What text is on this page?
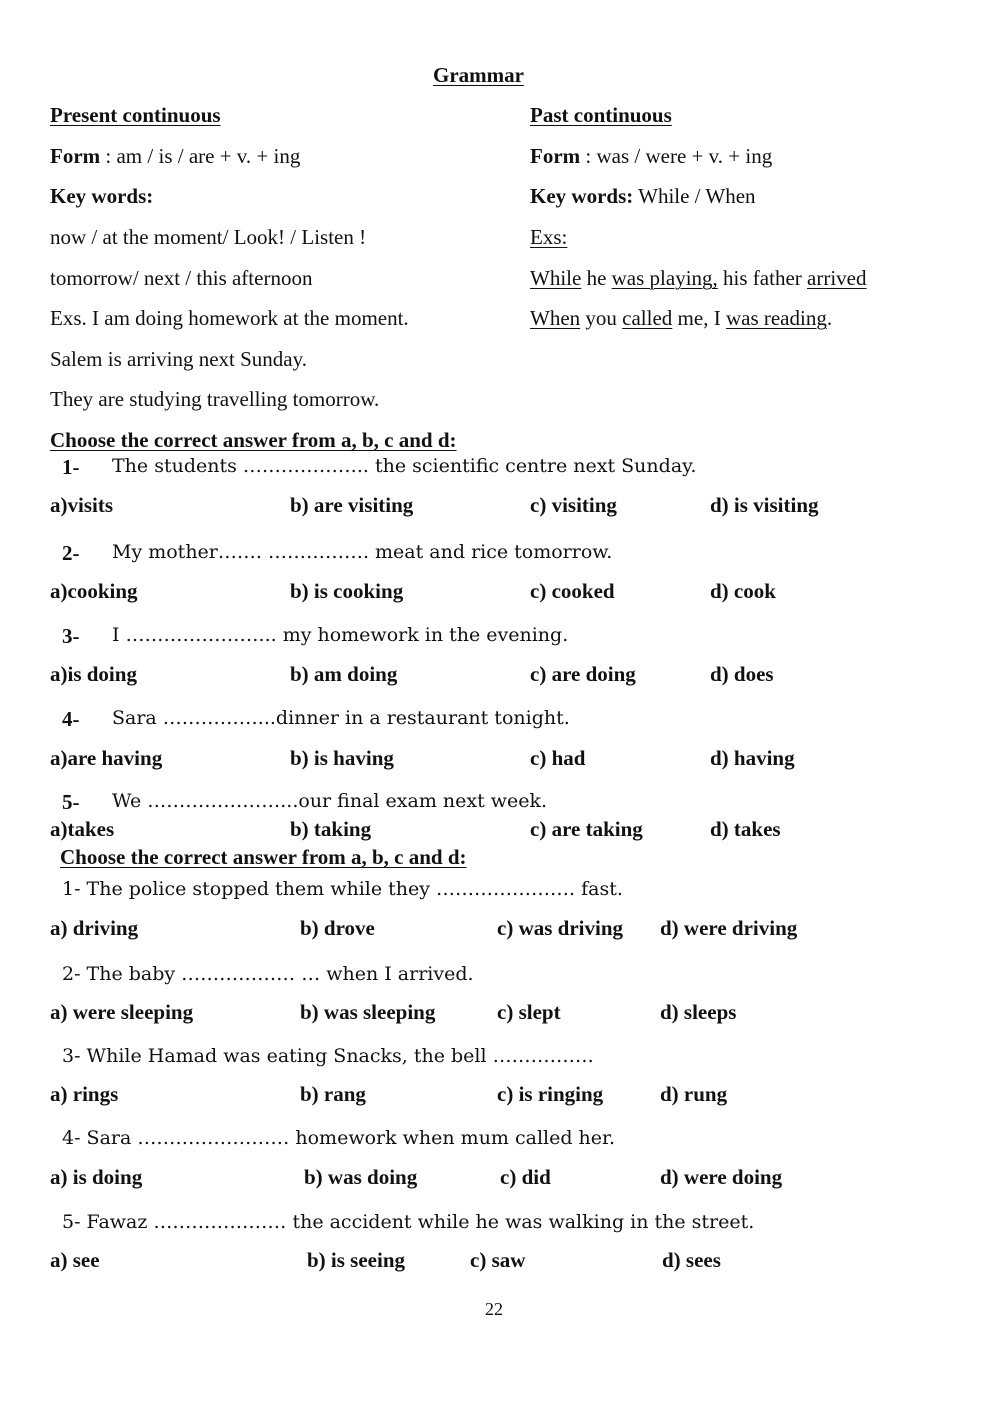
Grammar
Present continuous
Form : am / is / are + v. + ing
Key words:
now / at the moment/ Look! / Listen !
tomorrow/ next / this afternoon
Exs. I am doing homework at the moment.
Salem is arriving next Sunday.
They are studying travelling tomorrow.
Past continuous
Form : was / were + v. + ing
Key words: While / When
Exs:
While he was playing, his father arrived
When you called me, I was reading.
Choose the correct answer from a, b, c and d:
1- The students ……………….. the scientific centre next Sunday.
a)visits	b) are visiting	c) visiting	d) is visiting
2- My mother……. ……………. meat and rice tomorrow.
a)cooking	b) is cooking	c) cooked	d) cook
3- I …………………... my homework in the evening.
a)is doing	b) am doing	c) are doing	d) does
4- Sara ……………...dinner in a restaurant tonight.
a)are having	b) is having	c) had	d) having
5- We …………………...our final exam next week.
a)takes	b) taking	c) are taking	d) takes
Choose the correct answer from a, b, c and d:
1- The police stopped them while they …………………. fast.
a) driving	b) drove	c) was driving d) were driving
2- The baby ……………… … when I arrived.
a) were sleeping	b) was sleeping	c) slept	d) sleeps
3- While Hamad was eating Snacks, the bell …………….
a) rings	b) rang	c) is ringing	d) rung
4- Sara …………………… homework when mum called her.
a) is doing	b) was doing	c) did	d) were doing
5- Fawaz ………………… the accident while he was walking in the street.
a) see	b) is seeing	c) saw	d) sees
22
